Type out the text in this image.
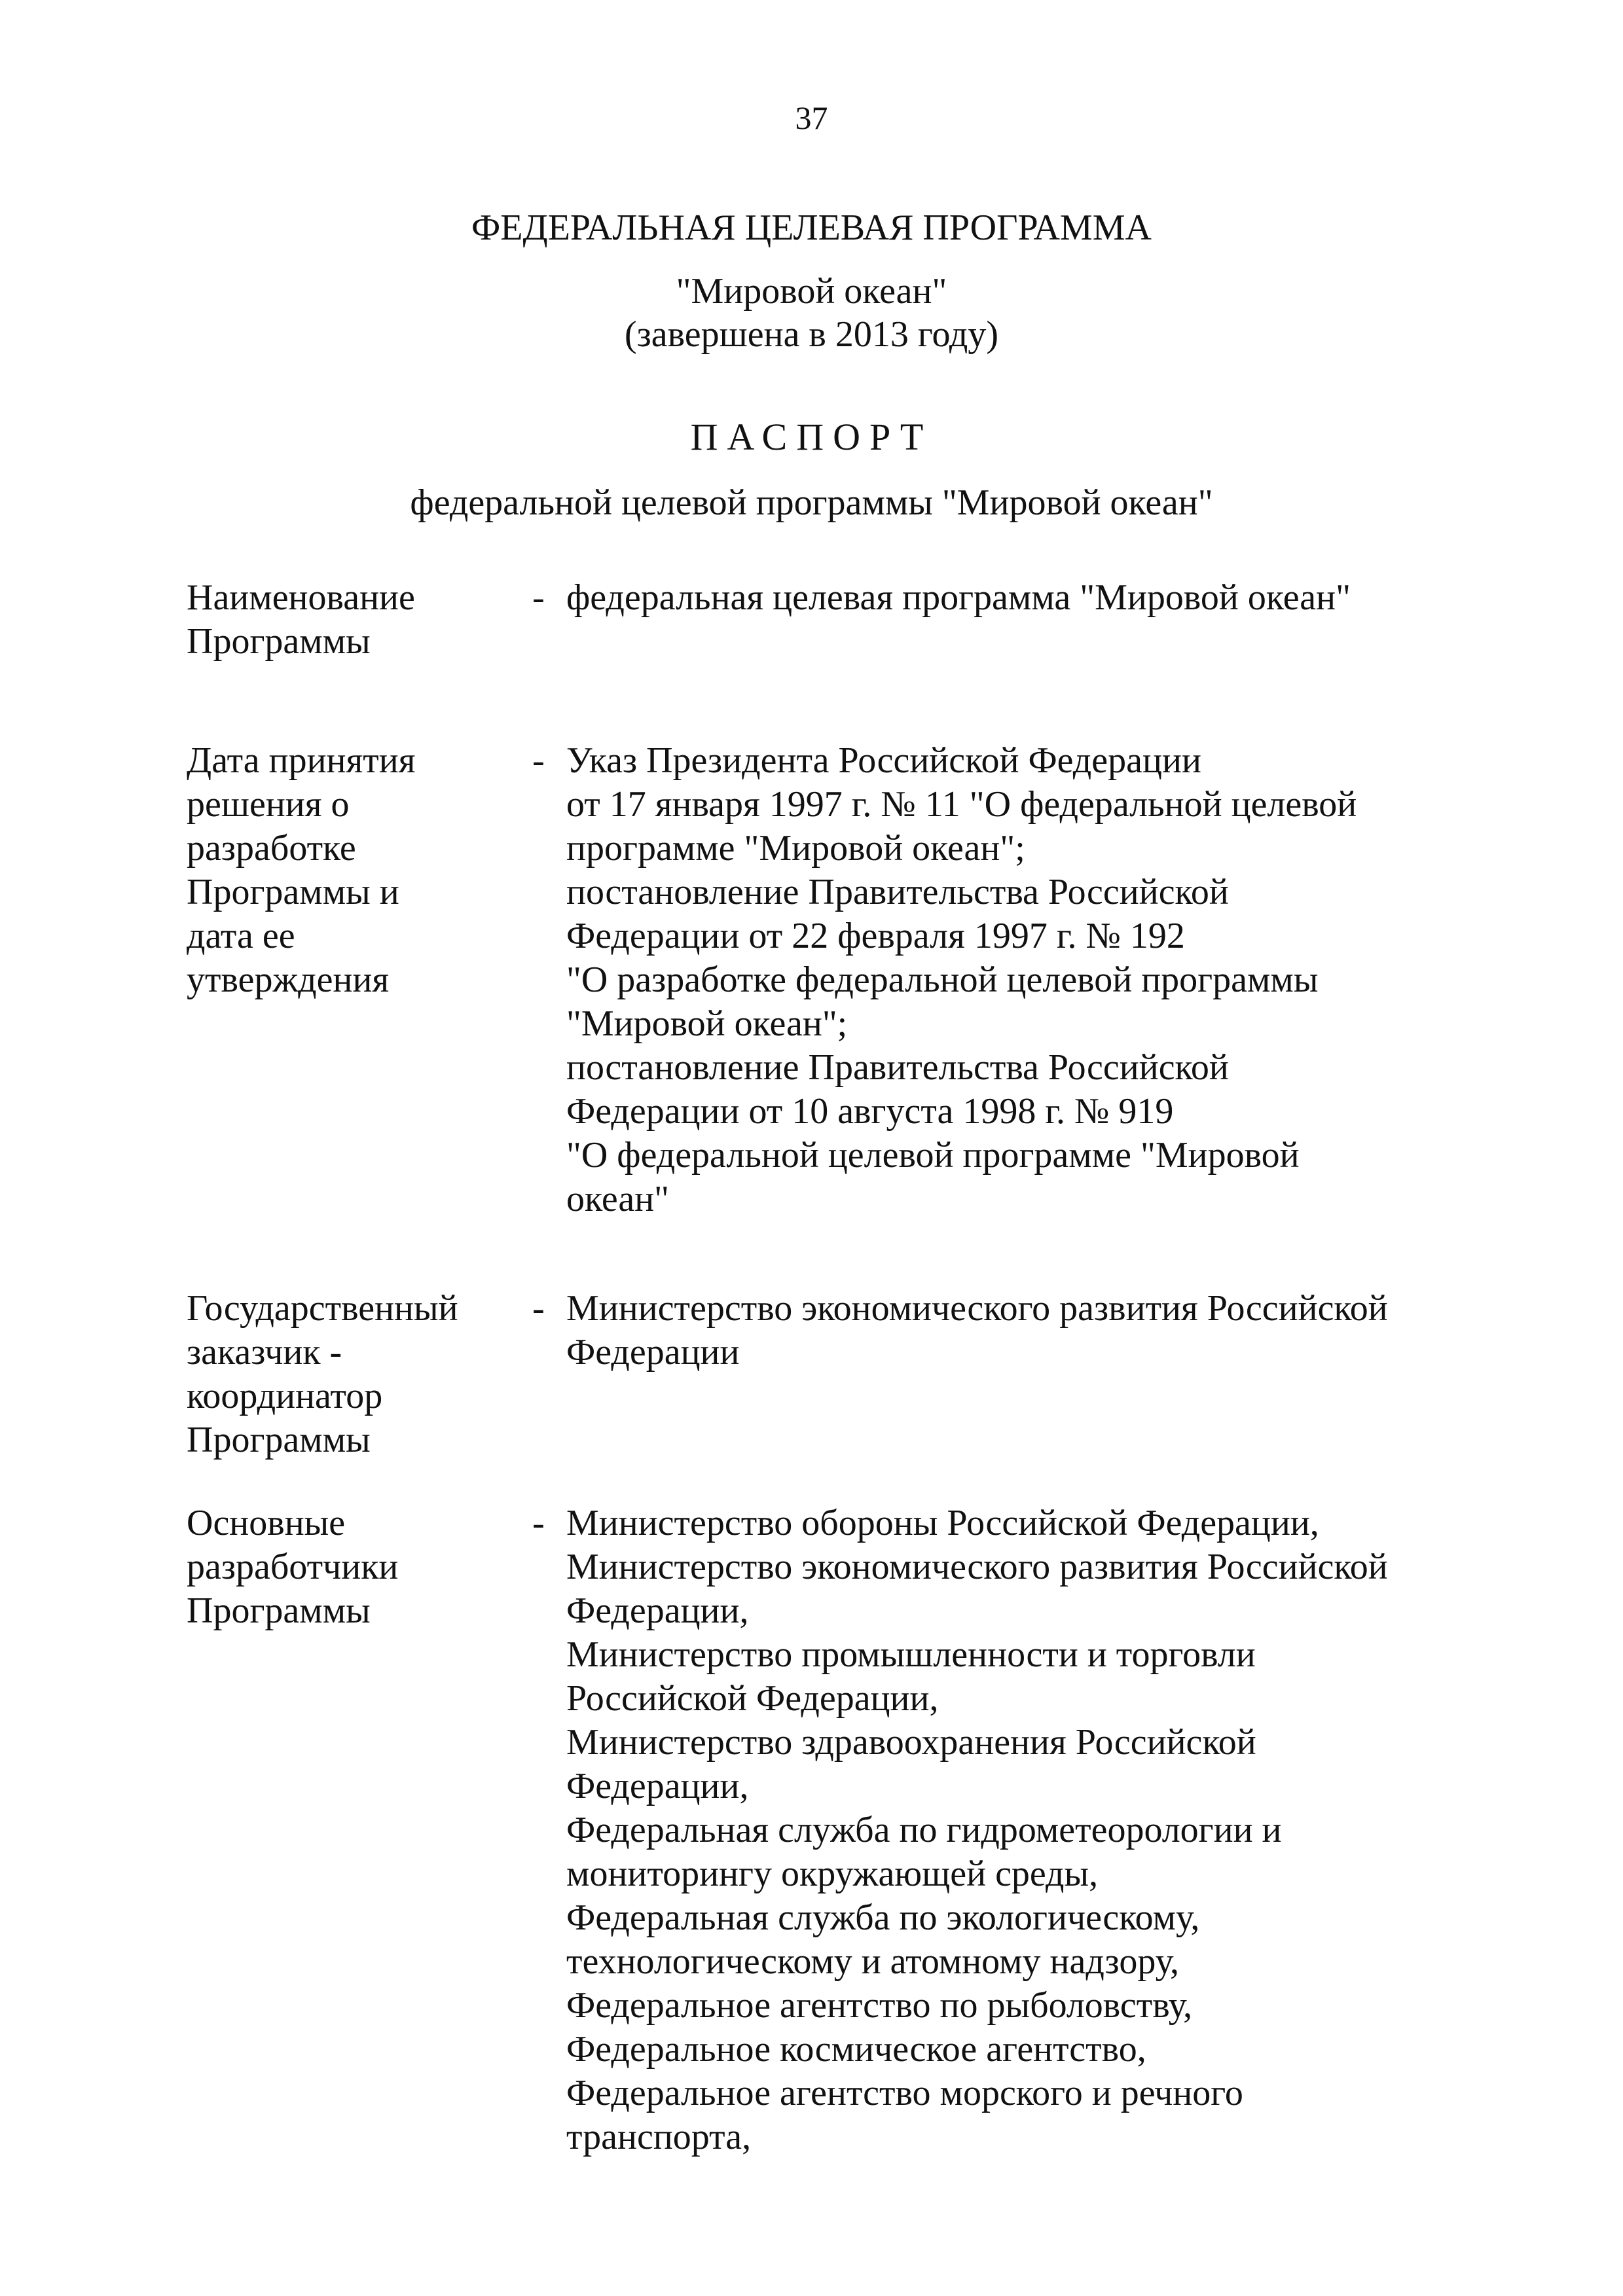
37
ФЕДЕРАЛЬНАЯ ЦЕЛЕВАЯ ПРОГРАММА
"Мировой океан"
(завершена в 2013 году)
ПАСПОРТ
федеральной целевой программы "Мировой океан"
Наименование
Программы
- федеральная целевая программа "Мировой океан"
Дата принятия
решения о
разработке
Программы и
дата ее
утверждения
- Указ Президента Российской Федерации
от 17 января 1997 г. № 11 "О федеральной целевой
программе "Мировой океан";
постановление Правительства Российской
Федерации от 22 февраля 1997 г. № 192
"О разработке федеральной целевой программы
"Мировой океан";
постановление Правительства Российской
Федерации от 10 августа 1998 г. № 919
"О федеральной целевой программе "Мировой
океан"
Государственный
заказчик -
координатор
Программы
- Министерство экономического развития Российской
Федерации
Основные
разработчики
Программы
- Министерство обороны Российской Федерации,
Министерство экономического развития Российской
Федерации,
Министерство промышленности и торговли
Российской Федерации,
Министерство здравоохранения Российской
Федерации,
Федеральная служба по гидрометеорологии и
мониторингу окружающей среды,
Федеральная служба по экологическому,
технологическому и атомному надзору,
Федеральное агентство по рыболовству,
Федеральное космическое агентство,
Федеральное агентство морского и речного
транспорта,
